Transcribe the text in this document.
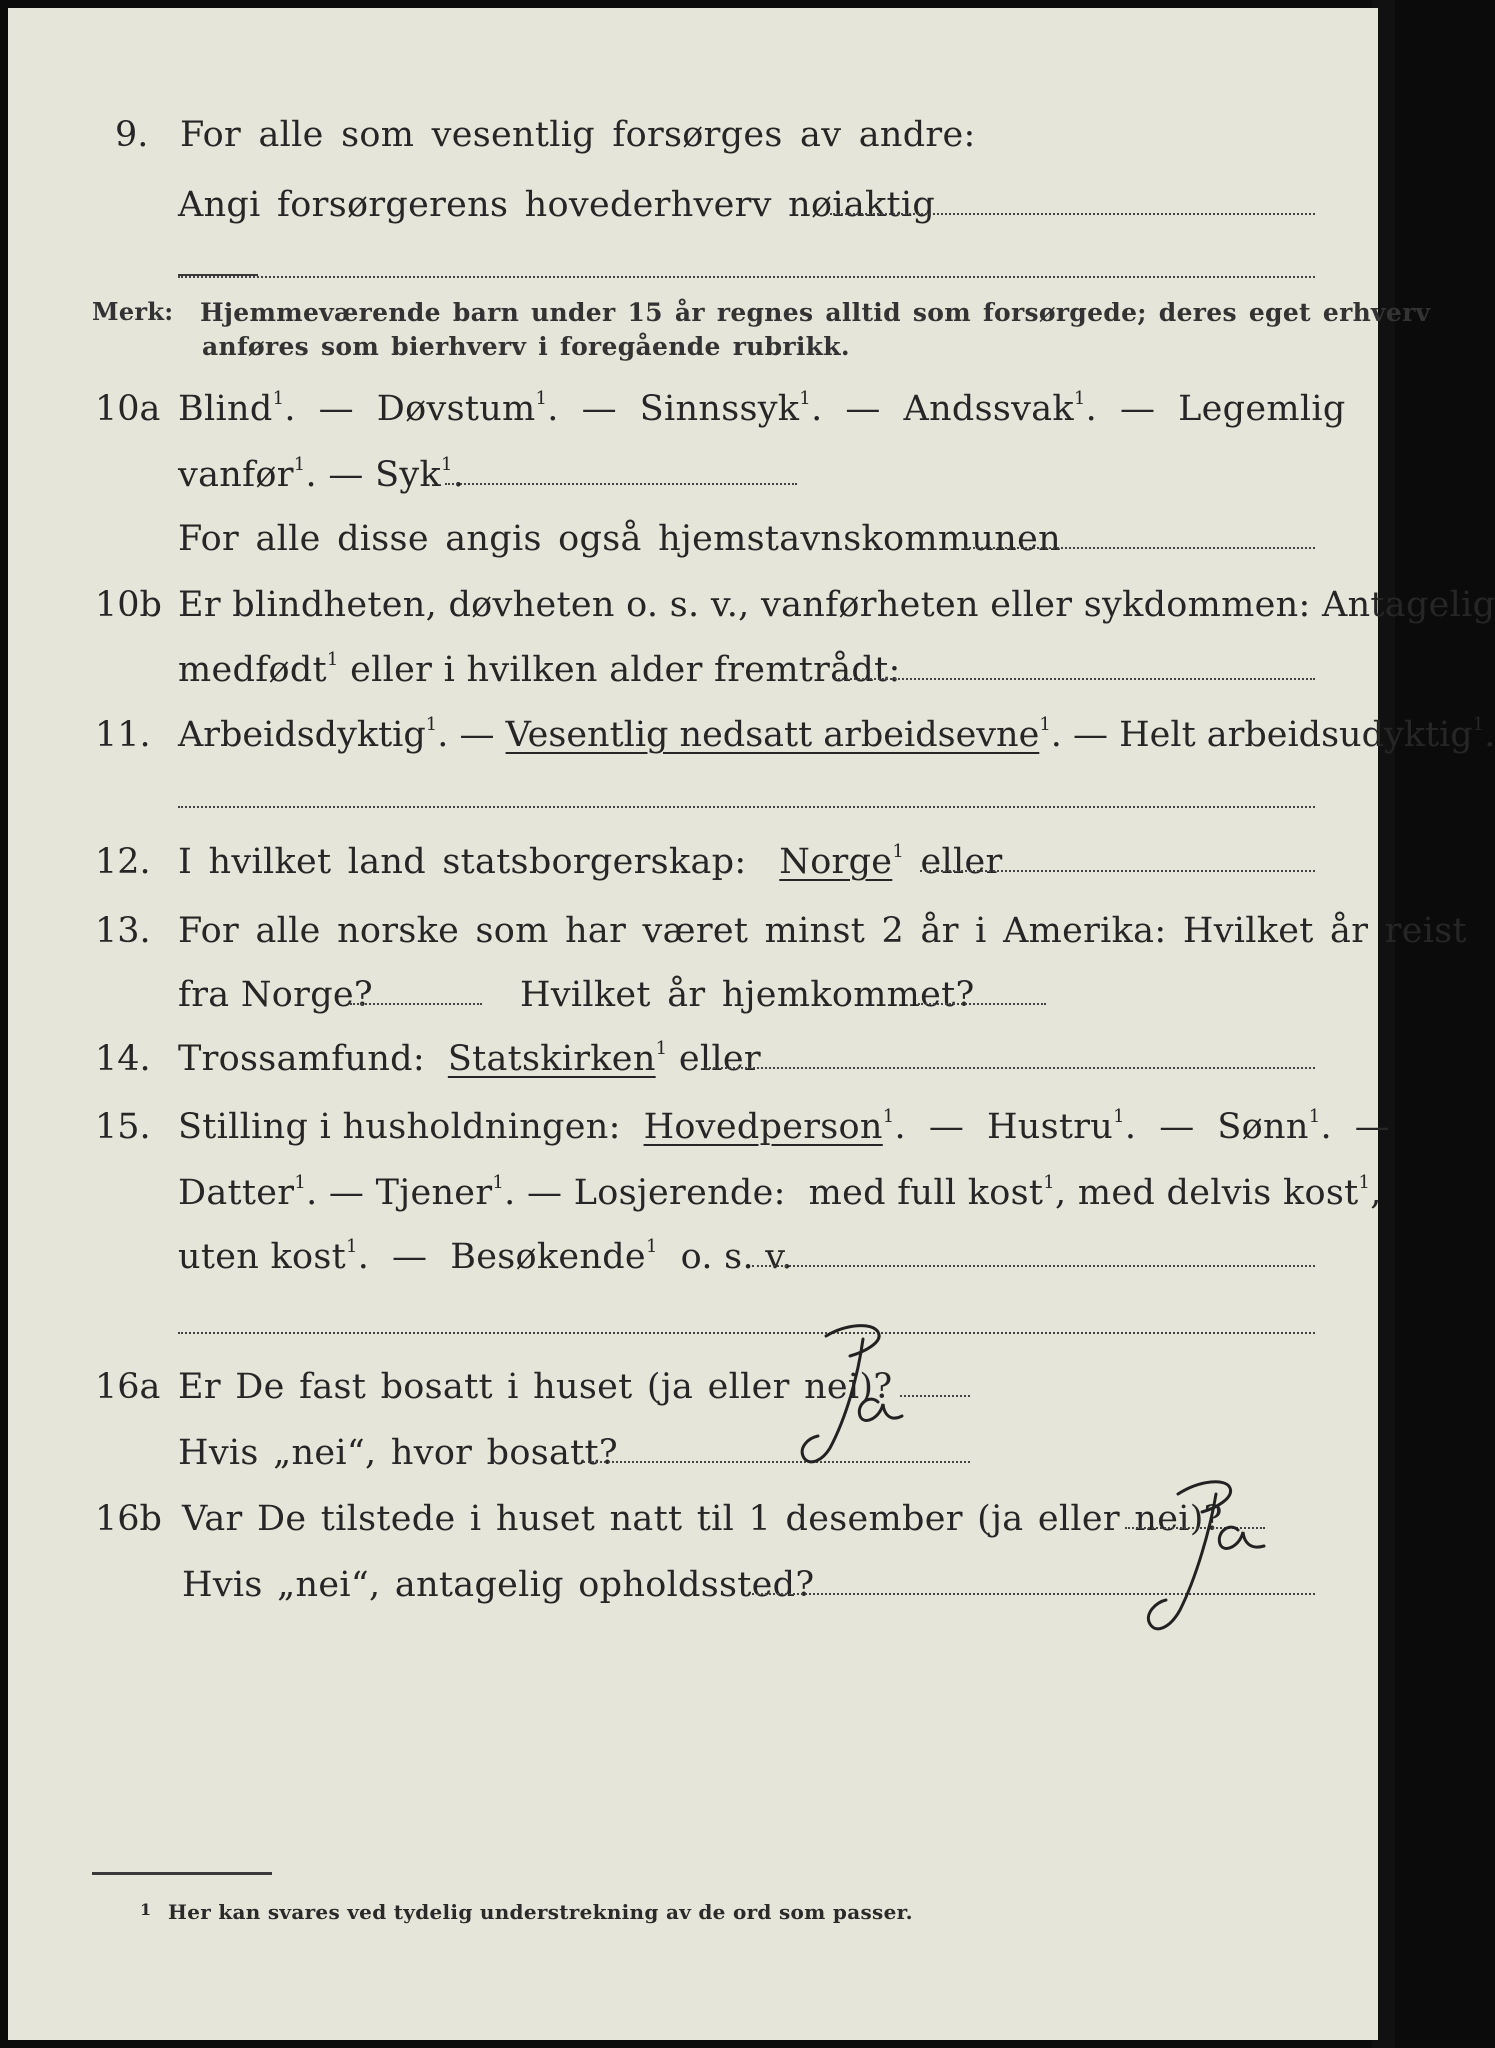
9. For alle som vesentlig forsørges av andre:
Angi forsørgerens hovederhverv nøiaktig
Merk: Hjemmeværende barn under 15 år regnes alltid som forsørgede; deres eget erhverv
anføres som bierhverv i foregående rubrikk.
10a Blind$^1$.  —  Døvstum$^1$.  —  Sinnssyk$^1$.  —  Andssvak$^1$.  —  Legemlig
vanfør$^1$. — Syk$^1$.
For alle disse angis også hjemstavnskommunen
10b Er blindheten, døvheten o. s. v., vanførheten eller sykdommen: Antagelig
medfødt$^1$ eller i hvilken alder fremtrådt:
11. Arbeidsdyktig$^1$. — Vesentlig nedsatt arbeidsevne$^1$. — Helt arbeidsudyktig$^1$.
12. I hvilket land statsborgerskap: Norge$^1$ eller
13. For alle norske som har været minst 2 år i Amerika: Hvilket år reist
fra Norge?	Hvilket år hjemkommet?
14. Trossamfund: Statskirken$^1$ eller
15. Stilling i husholdningen: Hovedperson$^1$.  —  Hustru$^1$.  —  Sønn$^1$.  —
Datter$^1$. — Tjener$^1$. — Losjerende: med full kost$^1$, med delvis kost$^1$,
uten kost$^1$.  —  Besøkende$^1$ o. s. v.
16a Er De fast bosatt i huset (ja eller nei)?
Hvis „nei“, hvor bosatt?
16b Var De tilstede i huset natt til 1 desember (ja eller nei)?
Hvis „nei“, antagelig opholdssted?
1 Her kan svares ved tydelig understrekning av de ord som passer.
